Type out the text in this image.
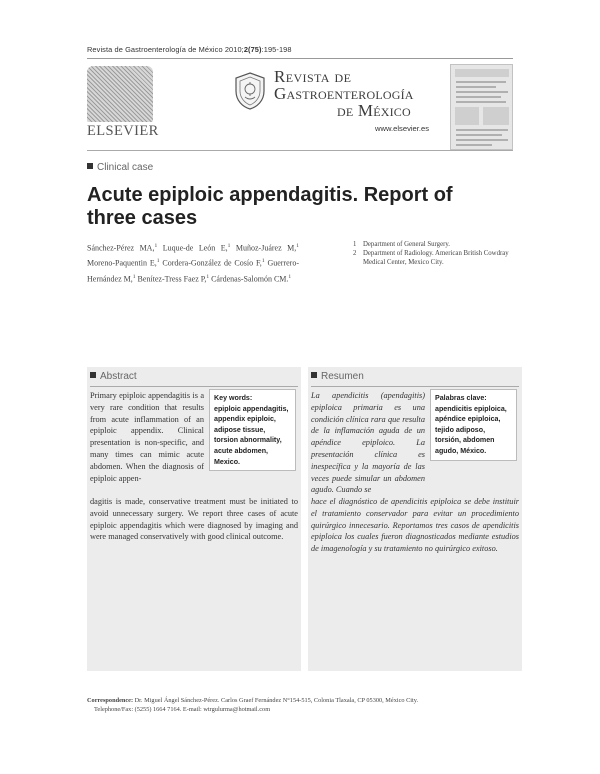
Revista de Gastroenterología de México 2010;2(75):195-198
ELSEVIER
REVISTA DE
GASTROENTEROLOGÍA
DE MÉXICO
www.elsevier.es
Clinical case
Acute epiploic appendagitis. Report of three cases
Sánchez-Pérez MA,$^1$ Luque-de León E,$^1$ Muñoz-Juárez M,$^1$ Moreno-Paquentin E,$^1$ Cordera-González de Cosío F,$^1$ Guerrero-Hernández M,$^1$ Benítez-Tress Faez P,$^1$ Cárdenas-Salomón CM.$^1$
1 Department of General Surgery.
2 Department of Radiology. American British Cowdray Medical Center, Mexico City.
Abstract
Key words:
epiploic appendagitis, appendix epiploic, adipose tissue, torsion abnormality, acute abdomen, Mexico.

Primary epiploic appendagitis is a very rare condition that results from acute inflammation of an epiploic appendix. Clinical presentation is non-specific, and many times can mimic acute abdomen. When the diagnosis of epiploic appen-

dagitis is made, conservative treatment must be initiated to avoid unnecessary surgery. We report three cases of acute epiploic appendagitis which were diagnosed by imaging and were managed conservatively with good clinical outcome.

Resumen
Palabras clave:
apendicitis epiploica, apéndice epiploica, tejido adiposo, torsión, abdomen agudo, México.

La apendicitis (apendagitis) epiploica primaria es una condición clínica rara que resulta de la inflamación aguda de un apéndice epiploico. La presentación clínica es inespecífica y la mayoría de las veces puede simular un abdomen agudo. Cuando se

hace el diagnóstico de apendicitis epiploica se debe instituir el tratamiento conservador para evitar un procedimiento quirúrgico innecesario. Reportamos tres casos de apendicitis epiploica los cuales fueron diagnosticados mediante estudios de imagenología y su tratamiento no quirúrgico exitoso.

Correspondence: Dr. Miguel Ángel Sánchez-Pérez. Carlos Graef Fernández N°154-515, Colonia Tlaxala, CP 05300, México City.
Telephone/Fax: (5255) 1664 7164. E-mail: wtrgulurma@hotmail.com
